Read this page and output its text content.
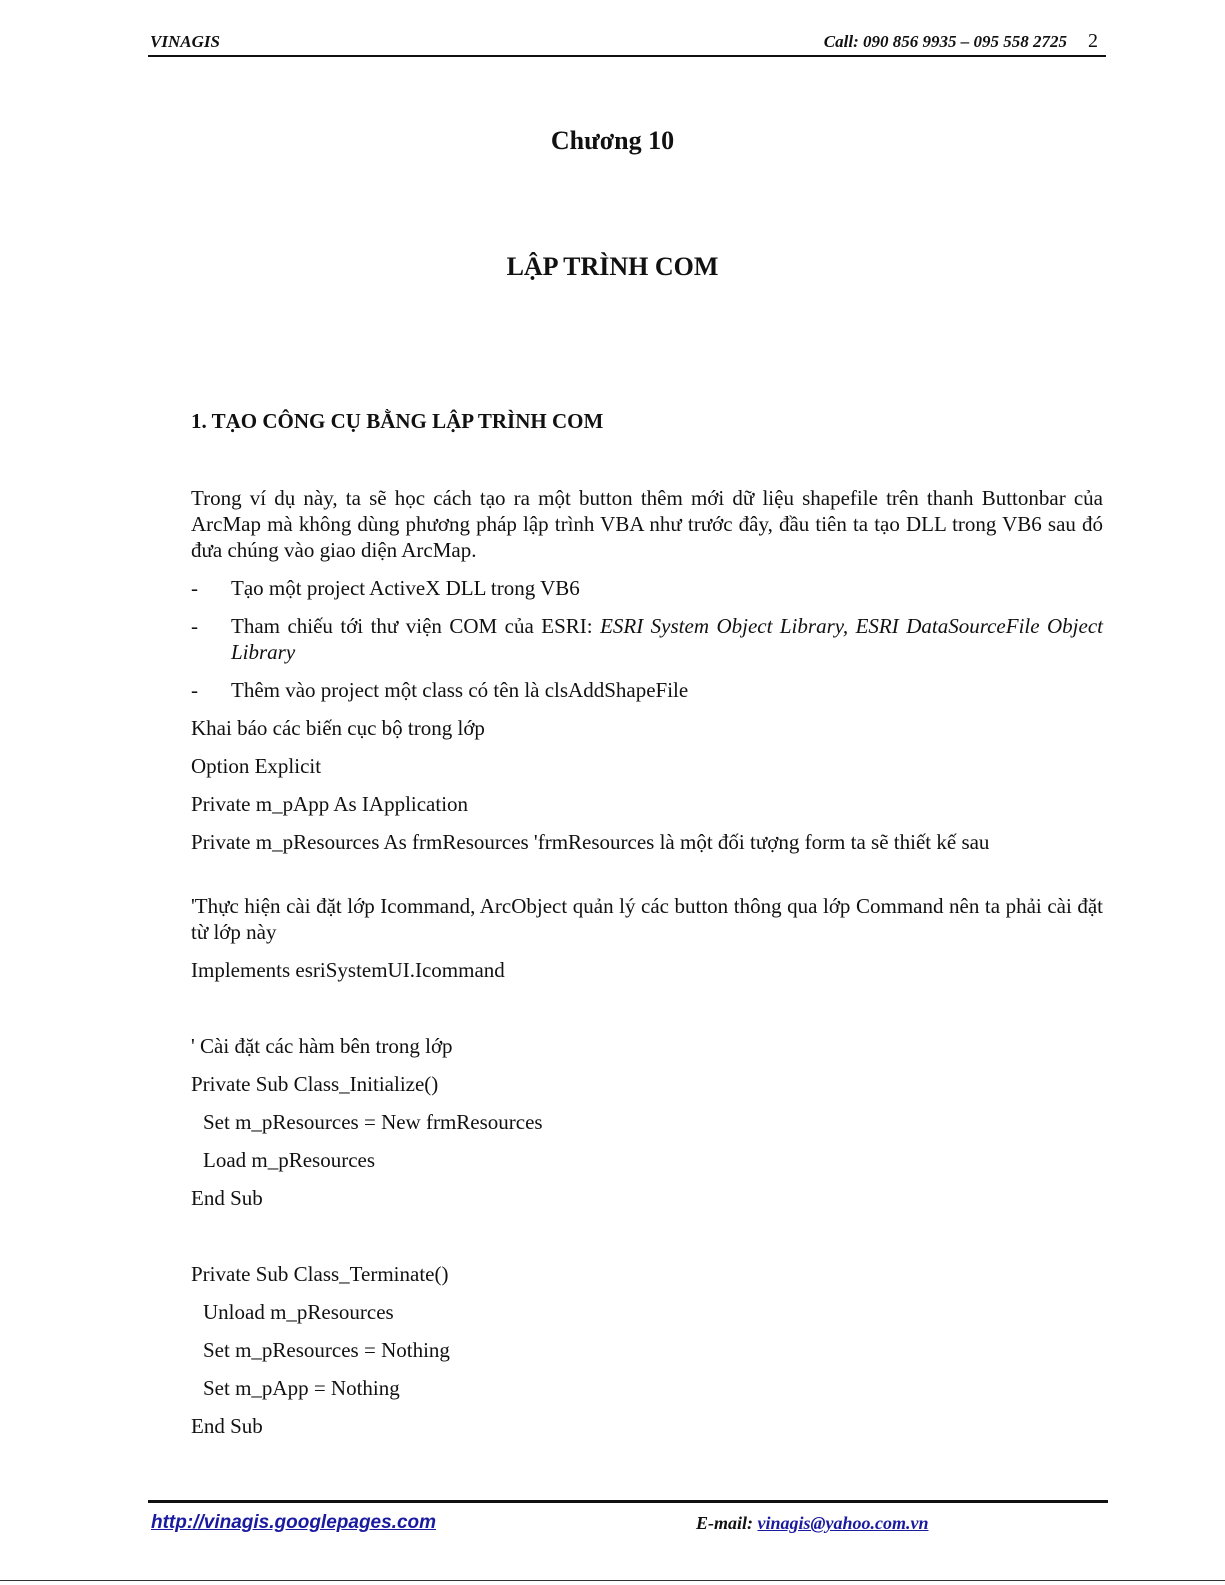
VINAGIS	Call: 090 856 9935 – 095 558 2725 2
Chương 10
LẬP TRÌNH COM
1. TẠO CÔNG CỤ BẰNG LẬP TRÌNH COM

Trong ví dụ này, ta sẽ học cách tạo ra một button thêm mới dữ liệu shapefile trên thanh Buttonbar của ArcMap mà không dùng phương pháp lập trình VBA như trước đây, đầu tiên ta tạo DLL trong VB6 sau đó đưa chúng vào giao diện ArcMap.

-	Tạo một project ActiveX DLL trong VB6
-	Tham chiếu tới thư viện COM của ESRI: ESRI System Object Library, ESRI DataSourceFile Object Library
-	Thêm vào project một class có tên là clsAddShapeFile

Khai báo các biến cục bộ trong lớp

Option Explicit

Private m_pApp As IApplication

Private m_pResources As frmResources 'frmResources là một đối tượng form ta sẽ thiết kế sau

'Thực hiện cài đặt lớp Icommand, ArcObject quản lý các button thông qua lớp Command nên ta phải cài đặt từ lớp này

Implements esriSystemUI.Icommand

' Cài đặt các hàm bên trong lớp

Private Sub Class_Initialize()

Set m_pResources = New frmResources

Load m_pResources

End Sub

Private Sub Class_Terminate()

Unload m_pResources

Set m_pResources = Nothing

Set m_pApp = Nothing

End Sub

http://vinagis.googlepages.com	E-mail: vinagis@yahoo.com.vn
